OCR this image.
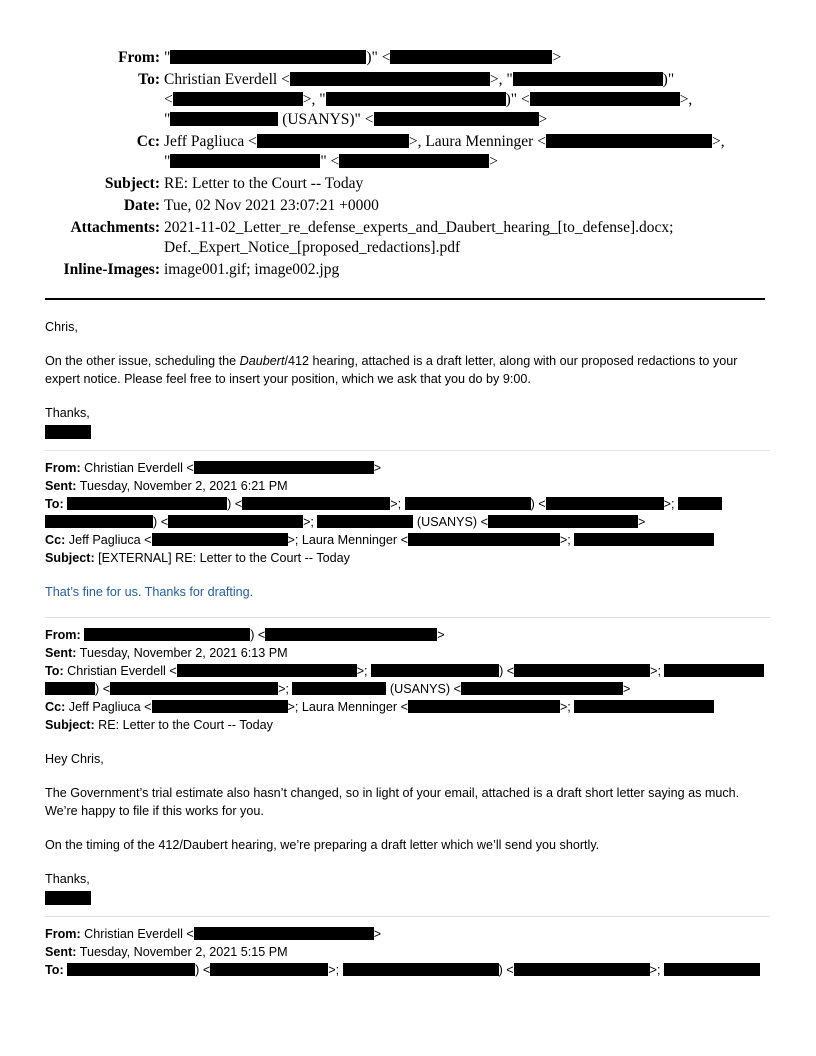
From: "	)" <	>
To: Christian Everdell <	>, "	)"
<	>, "	)" <	>,
"	(USANYS)" <	>
Cc: Jeff Pagliuca <	>, Laura Menninger <	>,
"	" <	>
Subject: RE: Letter to the Court -- Today
Date: Tue, 02 Nov 2021 23:07:21 +0000
Attachments: 2021-11-02_Letter_re_defense_experts_and_Daubert_hearing_[to_defense].docx;
Def._Expert_Notice_[proposed_redactions].pdf
Inline-Images: image001.gif; image002.jpg

Chris,

On the other issue, scheduling the Daubert/412 hearing, attached is a draft letter, along with our proposed redactions to your expert notice. Please feel free to insert your position, which we ask that you do by 9:00.

Thanks,

From: Christian Everdell <	>

Sent: Tuesday, November 2, 2021 6:21 PM

To:	) <	>;	) <	>;

) <	>;	(USANYS) <	>

Cc: Jeff Pagliuca <	>; Laura Menninger <	>;

Subject: [EXTERNAL] RE: Letter to the Court -- Today

That’s fine for us. Thanks for drafting.

From:	) <	>

Sent: Tuesday, November 2, 2021 6:13 PM

To: Christian Everdell <	>;	) <	>;

) <	>;	(USANYS) <	>

Cc: Jeff Pagliuca <	>; Laura Menninger <	>;

Subject: RE: Letter to the Court -- Today

Hey Chris,

The Government’s trial estimate also hasn’t changed, so in light of your email, attached is a draft short letter saying as much. We’re happy to file if this works for you.

On the timing of the 412/Daubert hearing, we’re preparing a draft letter which we’ll send you shortly.

Thanks,

From: Christian Everdell <	>

Sent: Tuesday, November 2, 2021 5:15 PM

To:	) <	>;	) <	>;
